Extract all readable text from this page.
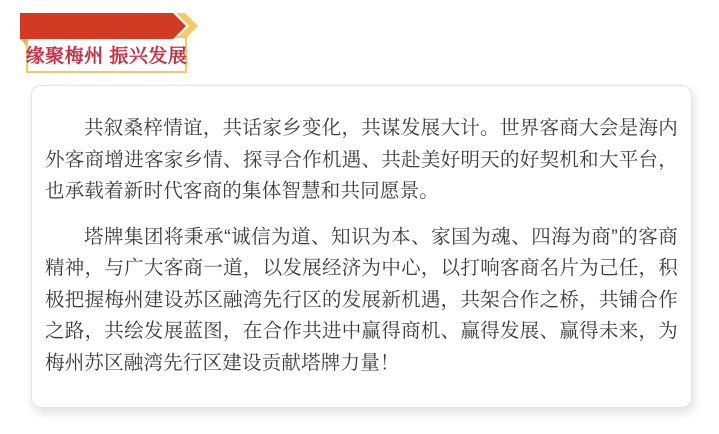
缘聚梅州 振兴发展

共叙桑梓情谊，共话家乡变化，共谋发展大计。世界客商大会是海内外客商增进客家乡情、探寻合作机遇、共赴美好明天的好契机和大平台，也承载着新时代客商的集体智慧和共同愿景。

塔牌集团将秉承“诚信为道、知识为本、家国为魂、四海为商”的客商精神，与广大客商一道，以发展经济为中心，以打响客商名片为己任，积极把握梅州建设苏区融湾先行区的发展新机遇，共架合作之桥，共铺合作之路，共绘发展蓝图，在合作共进中赢得商机、赢得发展、赢得未来，为梅州苏区融湾先行区建设贡献塔牌力量！
